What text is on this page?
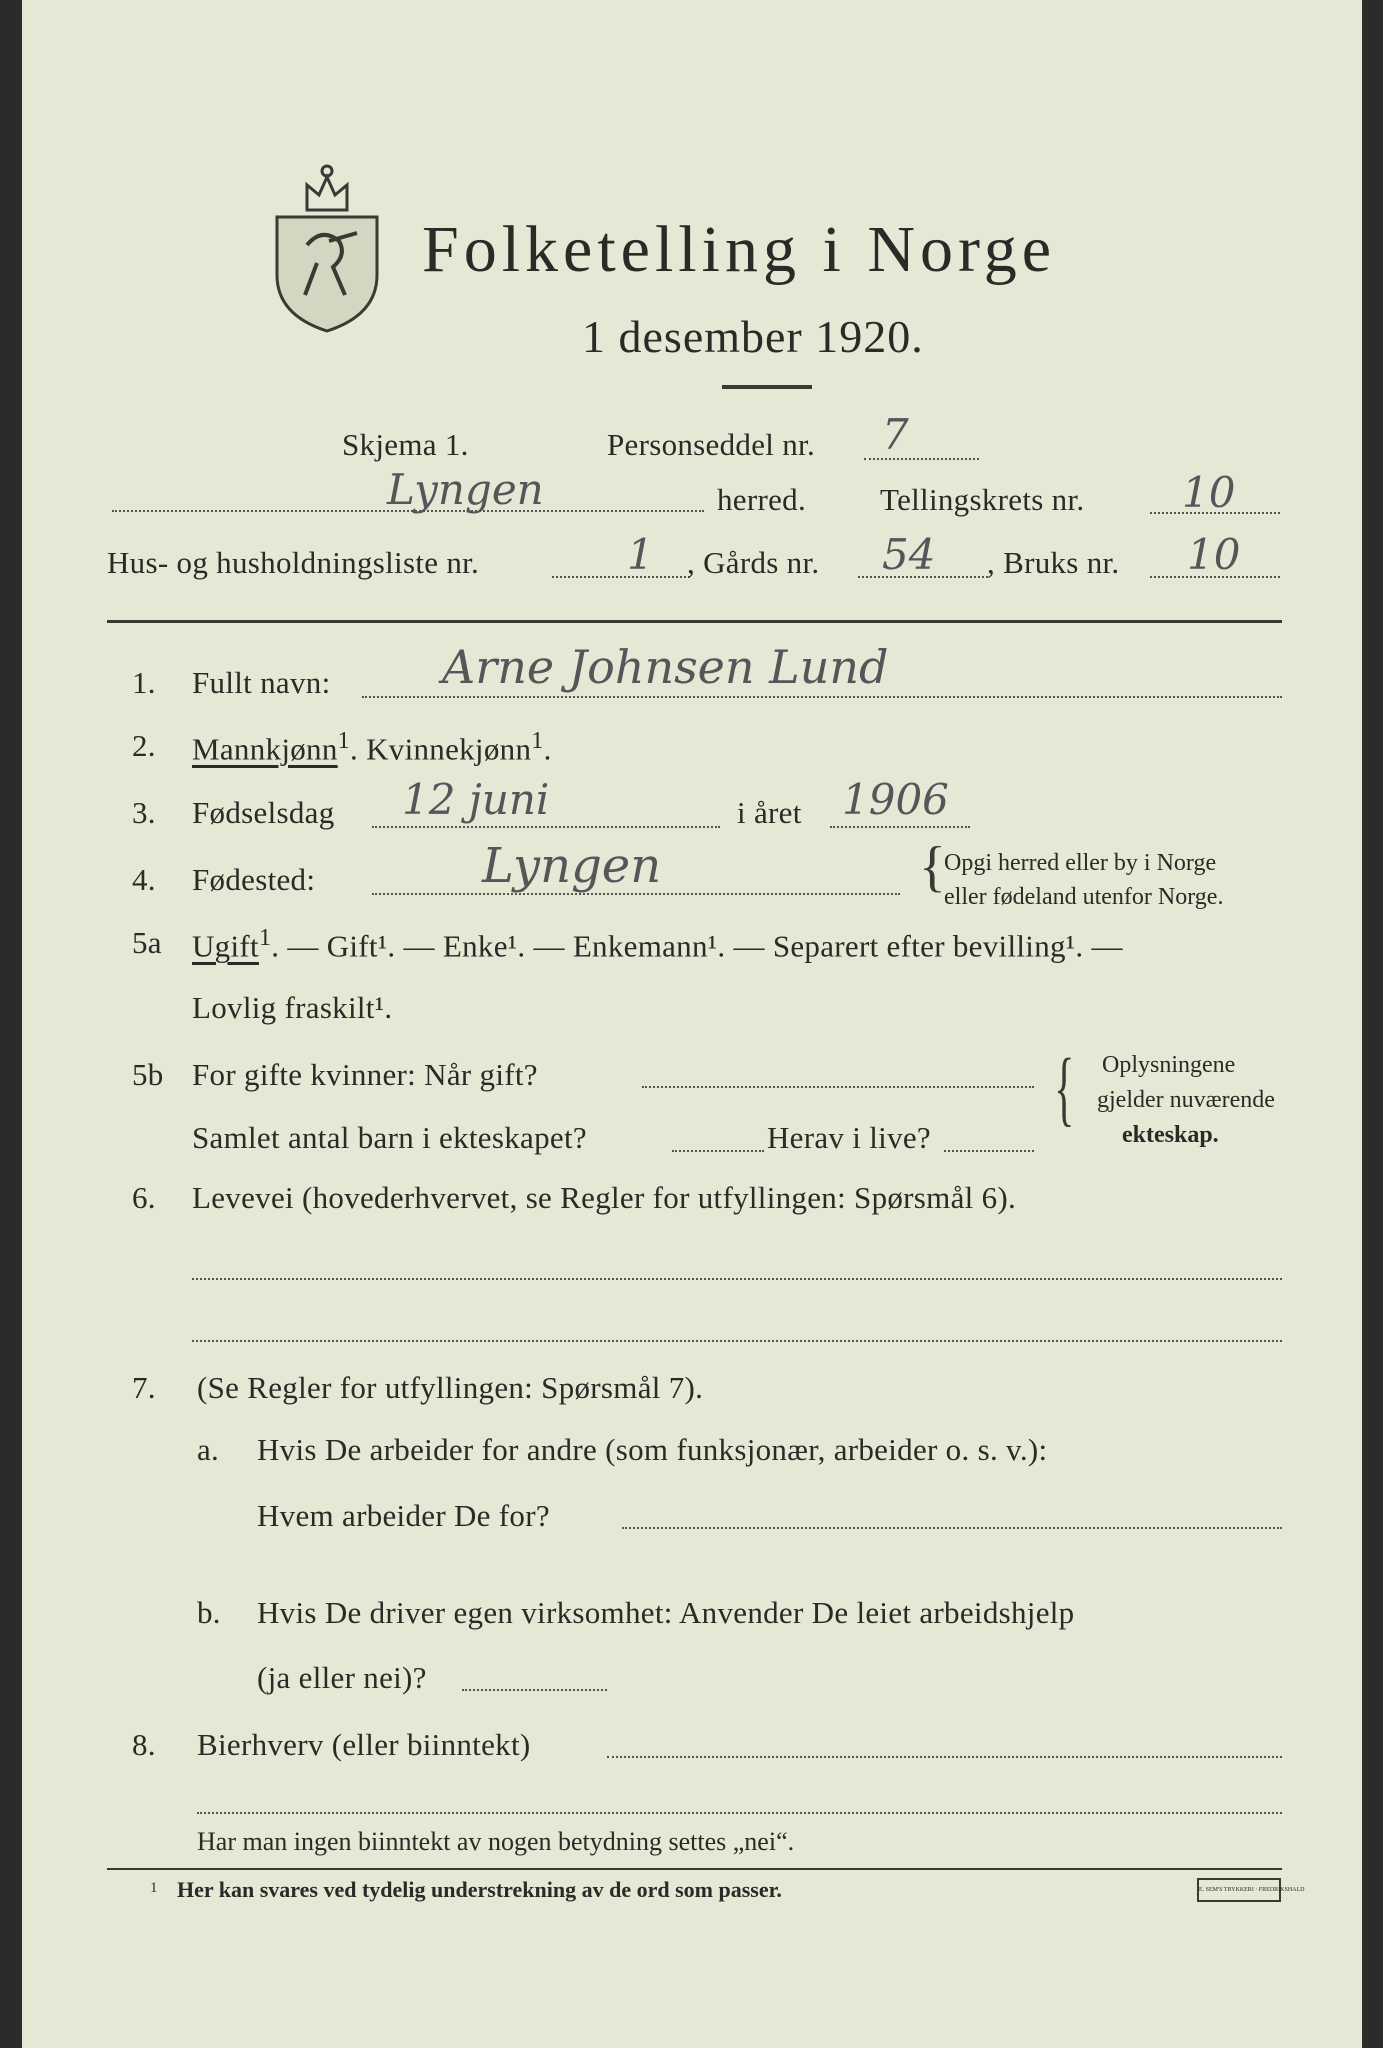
Folketelling i Norge
1 desember 1920.
Skjema 1.	Personseddel nr. 7
Lyngen	herred. Tellingskrets nr. 10
Hus- og husholdningsliste nr.	1 , Gårds nr. 54 , Bruks nr. 10
1. Fullt navn: Arne Johnsen Lund
2. Mannkjønn$^1$. Kvinnekjønn$^1$.
3. Fødselsdag 12 juni	i året 1906
4. Fødested:	Lyngen	{
Opgi herred eller by i Norge
eller fødeland utenfor Norge.
5a Ugift$^1$. — Gift¹. — Enke¹. — Enkemann¹. — Separert efter bevilling¹. —
Lovlig fraskilt¹.
5b For gifte kvinner: Når gift?
Samlet antal barn i ekteskapet?	Herav i live?
{ Oplysningene
gjelder nuværende
ekteskap.
6. Levevei (hovederhvervet, se Regler for utfyllingen: Spørsmål 6).
7. (Se Regler for utfyllingen: Spørsmål 7).
a. Hvis De arbeider for andre (som funksjonær, arbeider o. s. v.):
Hvem arbeider De for?
b. Hvis De driver egen virksomhet: Anvender De leiet arbeidshjelp
(ja eller nei)?
8. Bierhverv (eller biinntekt)
Har man ingen biinntekt av nogen betydning settes „nei“.
1 Her kan svares ved tydelig understrekning av de ord som passer.	E. SEM'S TRYKKERI · FREDRIKSHALD
